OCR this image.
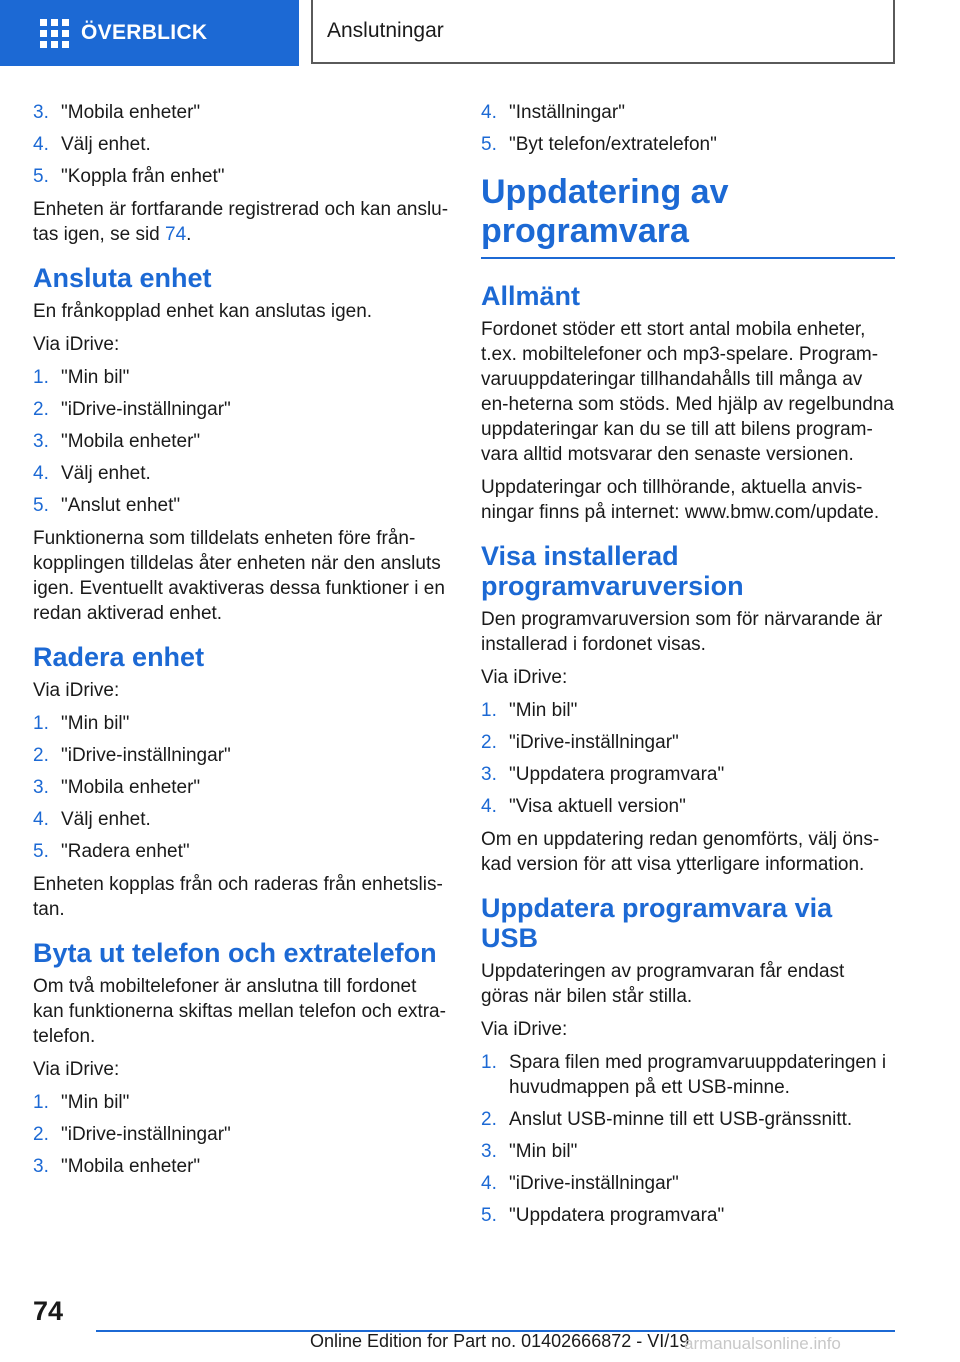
ÖVERBLICK	Anslutningar
3. "Mobila enheter"
4. Välj enhet.
5. "Koppla från enhet"

Enheten är fortfarande registrerad och kan anslu‐tas igen, se sid 74.

Ansluta enhet

En frånkopplad enhet kan anslutas igen.

Via iDrive:

1. "Min bil"
2. "iDrive-inställningar"
3. "Mobila enheter"
4. Välj enhet.
5. "Anslut enhet"

Funktionerna som tilldelats enheten före från‐kopplingen tilldelas åter enheten när den ansluts igen. Eventuellt avaktiveras dessa funktioner i en redan aktiverad enhet.

Radera enhet

Via iDrive:

1. "Min bil"
2. "iDrive-inställningar"
3. "Mobila enheter"
4. Välj enhet.
5. "Radera enhet"

Enheten kopplas från och raderas från enhetslis‐tan.

Byta ut telefon och extratelefon

Om två mobiltelefoner är anslutna till fordonet kan funktionerna skiftas mellan telefon och extra‐telefon.

Via iDrive:

1. "Min bil"
2. "iDrive-inställningar"
3. "Mobila enheter"
4. "Inställningar"
5. "Byt telefon/extratelefon"
Uppdatering av programvara
Allmänt

Fordonet stöder ett stort antal mobila enheter, t.ex. mobiltelefoner och mp3-spelare. Program‐varuuppdateringar tillhandahålls till många av en‐heterna som stöds. Med hjälp av regelbundna uppdateringar kan du se till att bilens program‐vara alltid motsvarar den senaste versionen.

Uppdateringar och tillhörande, aktuella anvis‐ningar finns på internet: www.bmw.com/update.

Visa installerad programvaruversion

Den programvaruversion som för närvarande är installerad i fordonet visas.

Via iDrive:

1. "Min bil"
2. "iDrive-inställningar"
3. "Uppdatera programvara"
4. "Visa aktuell version"

Om en uppdatering redan genomförts, välj öns‐kad version för att visa ytterligare information.

Uppdatera programvara via USB

Uppdateringen av programvaran får endast göras när bilen står stilla.

Via iDrive:

1. Spara filen med programvaruuppdateringen i huvudmappen på ett USB-minne.
2. Anslut USB-minne till ett USB-gränssnitt.
3. "Min bil"
4. "iDrive-inställningar"
5. "Uppdatera programvara"
74
Online Edition for Part no. 01402666872 - VI/19
armanualsonline.info
